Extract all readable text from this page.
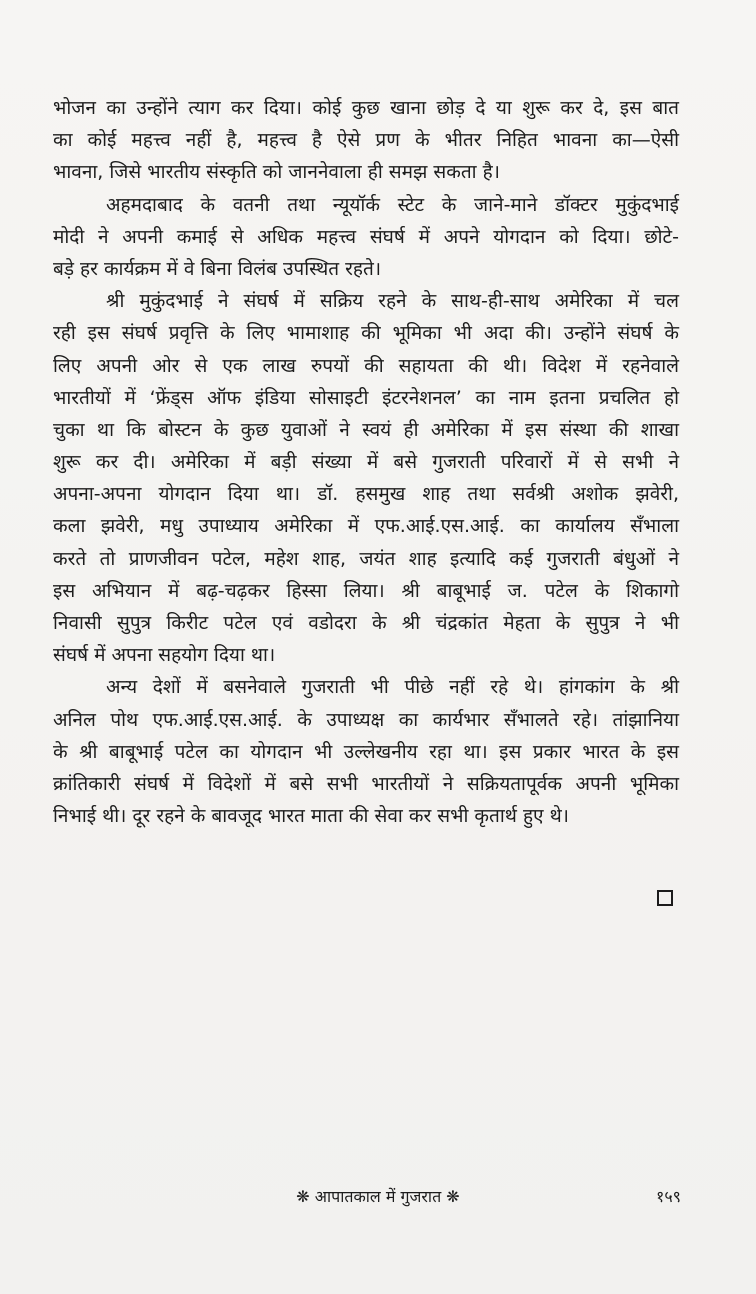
भोजन का उन्होंने त्याग कर दिया। कोई कुछ खाना छोड़ दे या शुरू कर दे, इस बात
का कोई महत्त्व नहीं है, महत्त्व है ऐसे प्रण के भीतर निहित भावना का—ऐसी
भावना, जिसे भारतीय संस्कृति को जाननेवाला ही समझ सकता है।
अहमदाबाद के वतनी तथा न्यूयॉर्क स्टेट के जाने-माने डॉक्टर मुकुंदभाई
मोदी ने अपनी कमाई से अधिक महत्त्व संघर्ष में अपने योगदान को दिया। छोटे-
बड़े हर कार्यक्रम में वे बिना विलंब उपस्थित रहते।
श्री मुकुंदभाई ने संघर्ष में सक्रिय रहने के साथ-ही-साथ अमेरिका में चल
रही इस संघर्ष प्रवृत्ति के लिए भामाशाह की भूमिका भी अदा की। उन्होंने संघर्ष के
लिए अपनी ओर से एक लाख रुपयों की सहायता की थी। विदेश में रहनेवाले
भारतीयों में ‘फ्रेंड्स ऑफ इंडिया सोसाइटी इंटरनेशनल’ का नाम इतना प्रचलित हो
चुका था कि बोस्टन के कुछ युवाओं ने स्वयं ही अमेरिका में इस संस्था की शाखा
शुरू कर दी। अमेरिका में बड़ी संख्या में बसे गुजराती परिवारों में से सभी ने
अपना-अपना योगदान दिया था। डॉ. हसमुख शाह तथा सर्वश्री अशोक झवेरी,
कला झवेरी, मधु उपाध्याय अमेरिका में एफ.आई.एस.आई. का कार्यालय सँभाला
करते तो प्राणजीवन पटेल, महेश शाह, जयंत शाह इत्यादि कई गुजराती बंधुओं ने
इस अभियान में बढ़-चढ़कर हिस्सा लिया। श्री बाबूभाई ज. पटेल के शिकागो
निवासी सुपुत्र किरीट पटेल एवं वडोदरा के श्री चंद्रकांत मेहता के सुपुत्र ने भी
संघर्ष में अपना सहयोग दिया था।
अन्य देशों में बसनेवाले गुजराती भी पीछे नहीं रहे थे। हांगकांग के श्री
अनिल पोथ एफ.आई.एस.आई. के उपाध्यक्ष का कार्यभार सँभालते रहे। तांझानिया
के श्री बाबूभाई पटेल का योगदान भी उल्लेखनीय रहा था। इस प्रकार भारत के इस
क्रांतिकारी संघर्ष में विदेशों में बसे सभी भारतीयों ने सक्रियतापूर्वक अपनी भूमिका
निभाई थी। दूर रहने के बावजूद भारत माता की सेवा कर सभी कृतार्थ हुए थे।
❋ आपातकाल में गुजरात ❋	१५९
